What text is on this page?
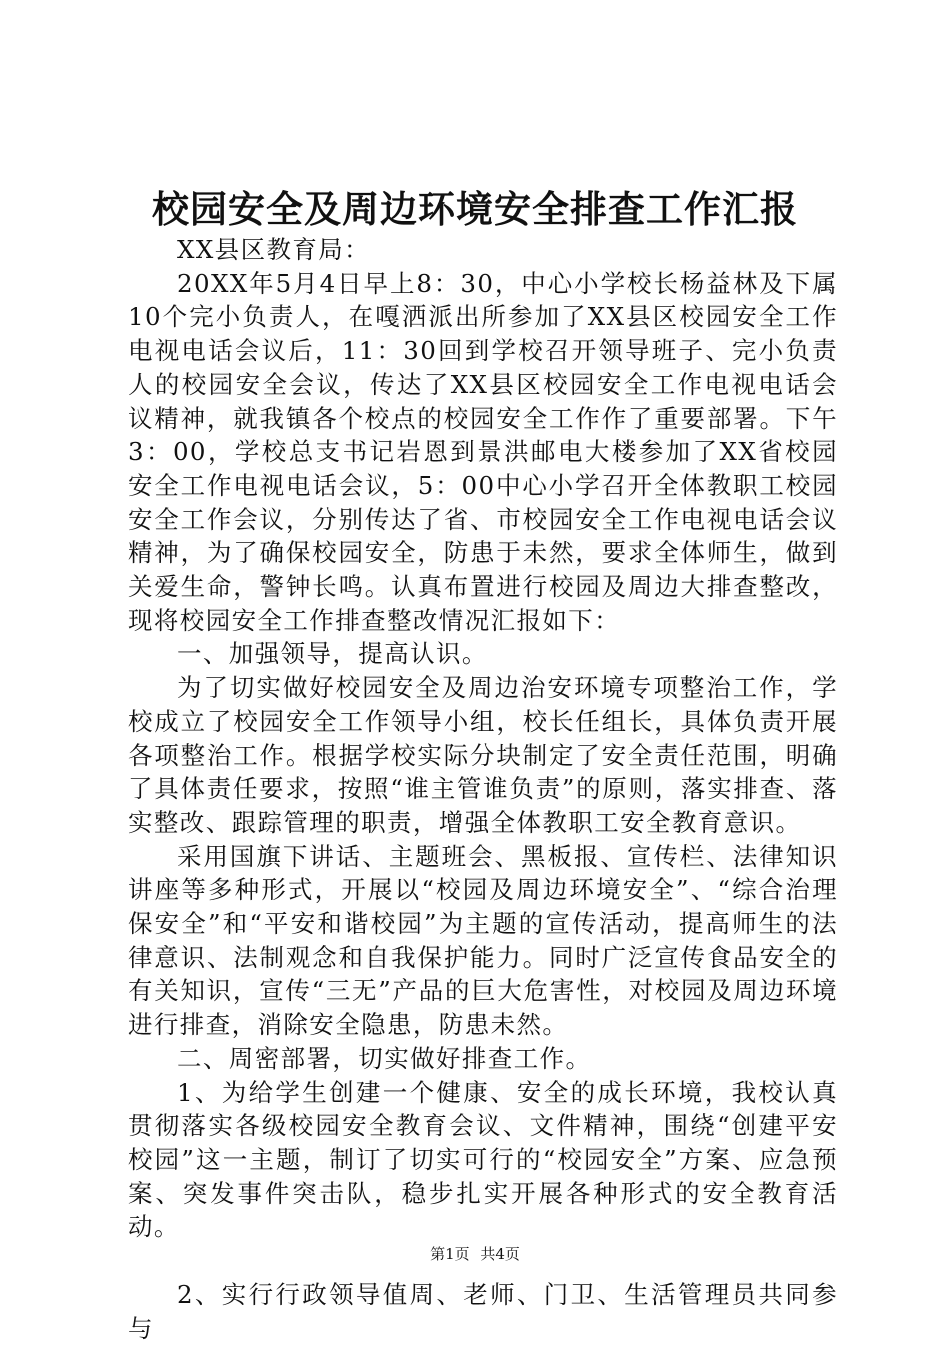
校园安全及周边环境安全排查工作汇报

XX县区教育局：

20XX年5月4日早上8：30，中心小学校长杨益林及下属10个完小负责人，在嘎洒派出所参加了XX县区校园安全工作电视电话会议后，11：30回到学校召开领导班子、完小负责人的校园安全会议，传达了XX县区校园安全工作电视电话会议精神，就我镇各个校点的校园安全工作作了重要部署。下午3：00，学校总支书记岩恩到景洪邮电大楼参加了XX省校园安全工作电视电话会议，5：00中心小学召开全体教职工校园安全工作会议，分别传达了省、市校园安全工作电视电话会议精神，为了确保校园安全，防患于未然，要求全体师生，做到关爱生命，警钟长鸣。认真布置进行校园及周边大排查整改，现将校园安全工作排查整改情况汇报如下：

一、加强领导，提高认识。

为了切实做好校园安全及周边治安环境专项整治工作，学校成立了校园安全工作领导小组，校长任组长，具体负责开展各项整治工作。根据学校实际分块制定了安全责任范围，明确了具体责任要求，按照“谁主管谁负责”的原则，落实排查、落实整改、跟踪管理的职责，增强全体教职工安全教育意识。

采用国旗下讲话、主题班会、黑板报、宣传栏、法律知识讲座等多种形式，开展以“校园及周边环境安全”、“综合治理保安全”和“平安和谐校园”为主题的宣传活动，提高师生的法律意识、法制观念和自我保护能力。同时广泛宣传食品安全的有关知识，宣传“三无”产品的巨大危害性，对校园及周边环境进行排查，消除安全隐患，防患未然。

二、周密部署，切实做好排查工作。

1、为给学生创建一个健康、安全的成长环境，我校认真贯彻落实各级校园安全教育会议、文件精神，围绕“创建平安校园”这一主题，制订了切实可行的“校园安全”方案、应急预案、突发事件突击队，稳步扎实开展各种形式的安全教育活动。

2、实行行政领导值周、老师、门卫、生活管理员共同参与

第1页 共4页
